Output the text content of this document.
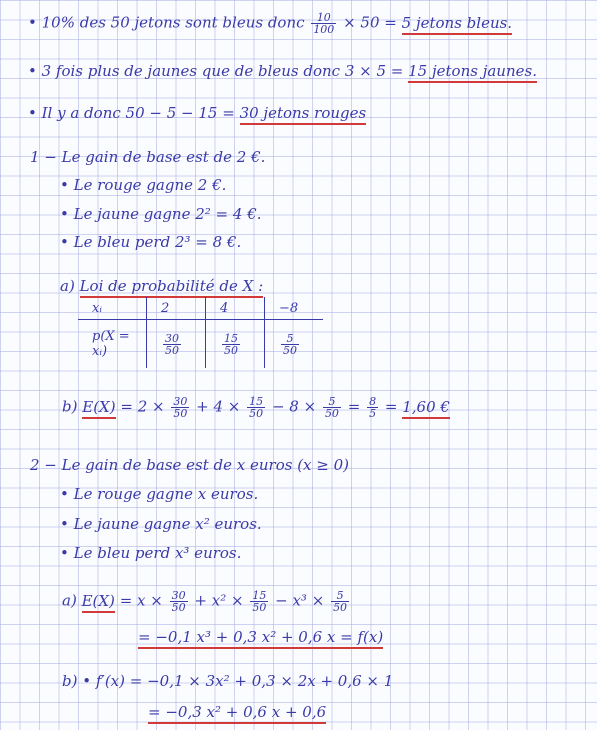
• 10% des 50 jetons sont bleus donc $\frac{10}{100} \times 50 = 5$ jetons bleus.
• 3 fois plus de jaunes que de bleus donc 3 × 5 = 15 jetons jaunes.
• Il y a donc 50 − 5 − 15 = 30 jetons rouges
1 − Le gain de base est de 2 €.
• Le rouge gagne 2 €.
• Le jaune gagne 2² = 4 €.
• Le bleu perd 2³ = 8 €.
a) Loi de probabilité de X :
xᵢ	2	4	−8
p(X = xᵢ)	$\frac{30}{50}$	$\frac{15}{50}$	$\frac{5}{50}$
b) $E(X) = 2 \times \frac{30}{50} + 4 \times \frac{15}{50} - 8 \times \frac{5}{50} = \frac{8}{5} = 1,60$ €
2 − Le gain de base est de x euros (x ≥ 0)
• Le rouge gagne x euros.
• Le jaune gagne x² euros.
• Le bleu perd x³ euros.
a) $E(X) = x \times \frac{30}{50} + x^2 \times \frac{15}{50} - x^3 \times \frac{5}{50}$
= −0,1 x³ + 0,3 x² + 0,6 x = f(x)
b) • f′(x) = −0,1 × 3x² + 0,3 × 2x + 0,6 × 1
= −0,3 x² + 0,6 x + 0,6
